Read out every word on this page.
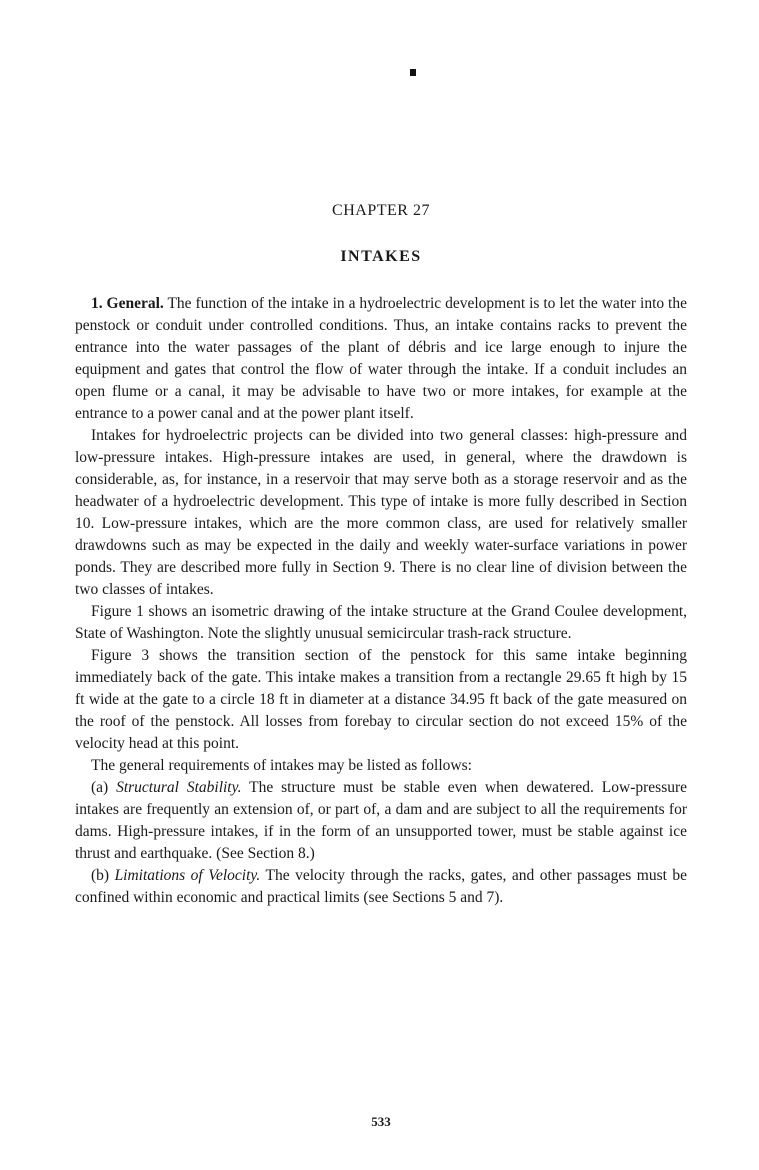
CHAPTER 27
INTAKES

1. General. The function of the intake in a hydroelectric development is to let the water into the penstock or conduit under controlled conditions. Thus, an intake contains racks to prevent the entrance into the water passages of the plant of débris and ice large enough to injure the equipment and gates that control the flow of water through the intake. If a conduit includes an open flume or a canal, it may be advisable to have two or more intakes, for example at the entrance to a power canal and at the power plant itself.

Intakes for hydroelectric projects can be divided into two general classes: high-pressure and low-pressure intakes. High-pressure intakes are used, in general, where the drawdown is considerable, as, for instance, in a reservoir that may serve both as a storage reservoir and as the headwater of a hydroelectric development. This type of intake is more fully described in Section 10. Low-pressure intakes, which are the more common class, are used for relatively smaller drawdowns such as may be expected in the daily and weekly water-surface variations in power ponds. They are described more fully in Section 9. There is no clear line of division between the two classes of intakes.

Figure 1 shows an isometric drawing of the intake structure at the Grand Coulee development, State of Washington. Note the slightly unusual semicircular trash-rack structure.

Figure 3 shows the transition section of the penstock for this same intake beginning immediately back of the gate. This intake makes a transition from a rectangle 29.65 ft high by 15 ft wide at the gate to a circle 18 ft in diameter at a distance 34.95 ft back of the gate measured on the roof of the penstock. All losses from forebay to circular section do not exceed 15% of the velocity head at this point.

The general requirements of intakes may be listed as follows:

(a) Structural Stability. The structure must be stable even when dewatered. Low-pressure intakes are frequently an extension of, or part of, a dam and are subject to all the requirements for dams. High-pressure intakes, if in the form of an unsupported tower, must be stable against ice thrust and earthquake. (See Section 8.)

(b) Limitations of Velocity. The velocity through the racks, gates, and other passages must be confined within economic and practical limits (see Sections 5 and 7).

533
